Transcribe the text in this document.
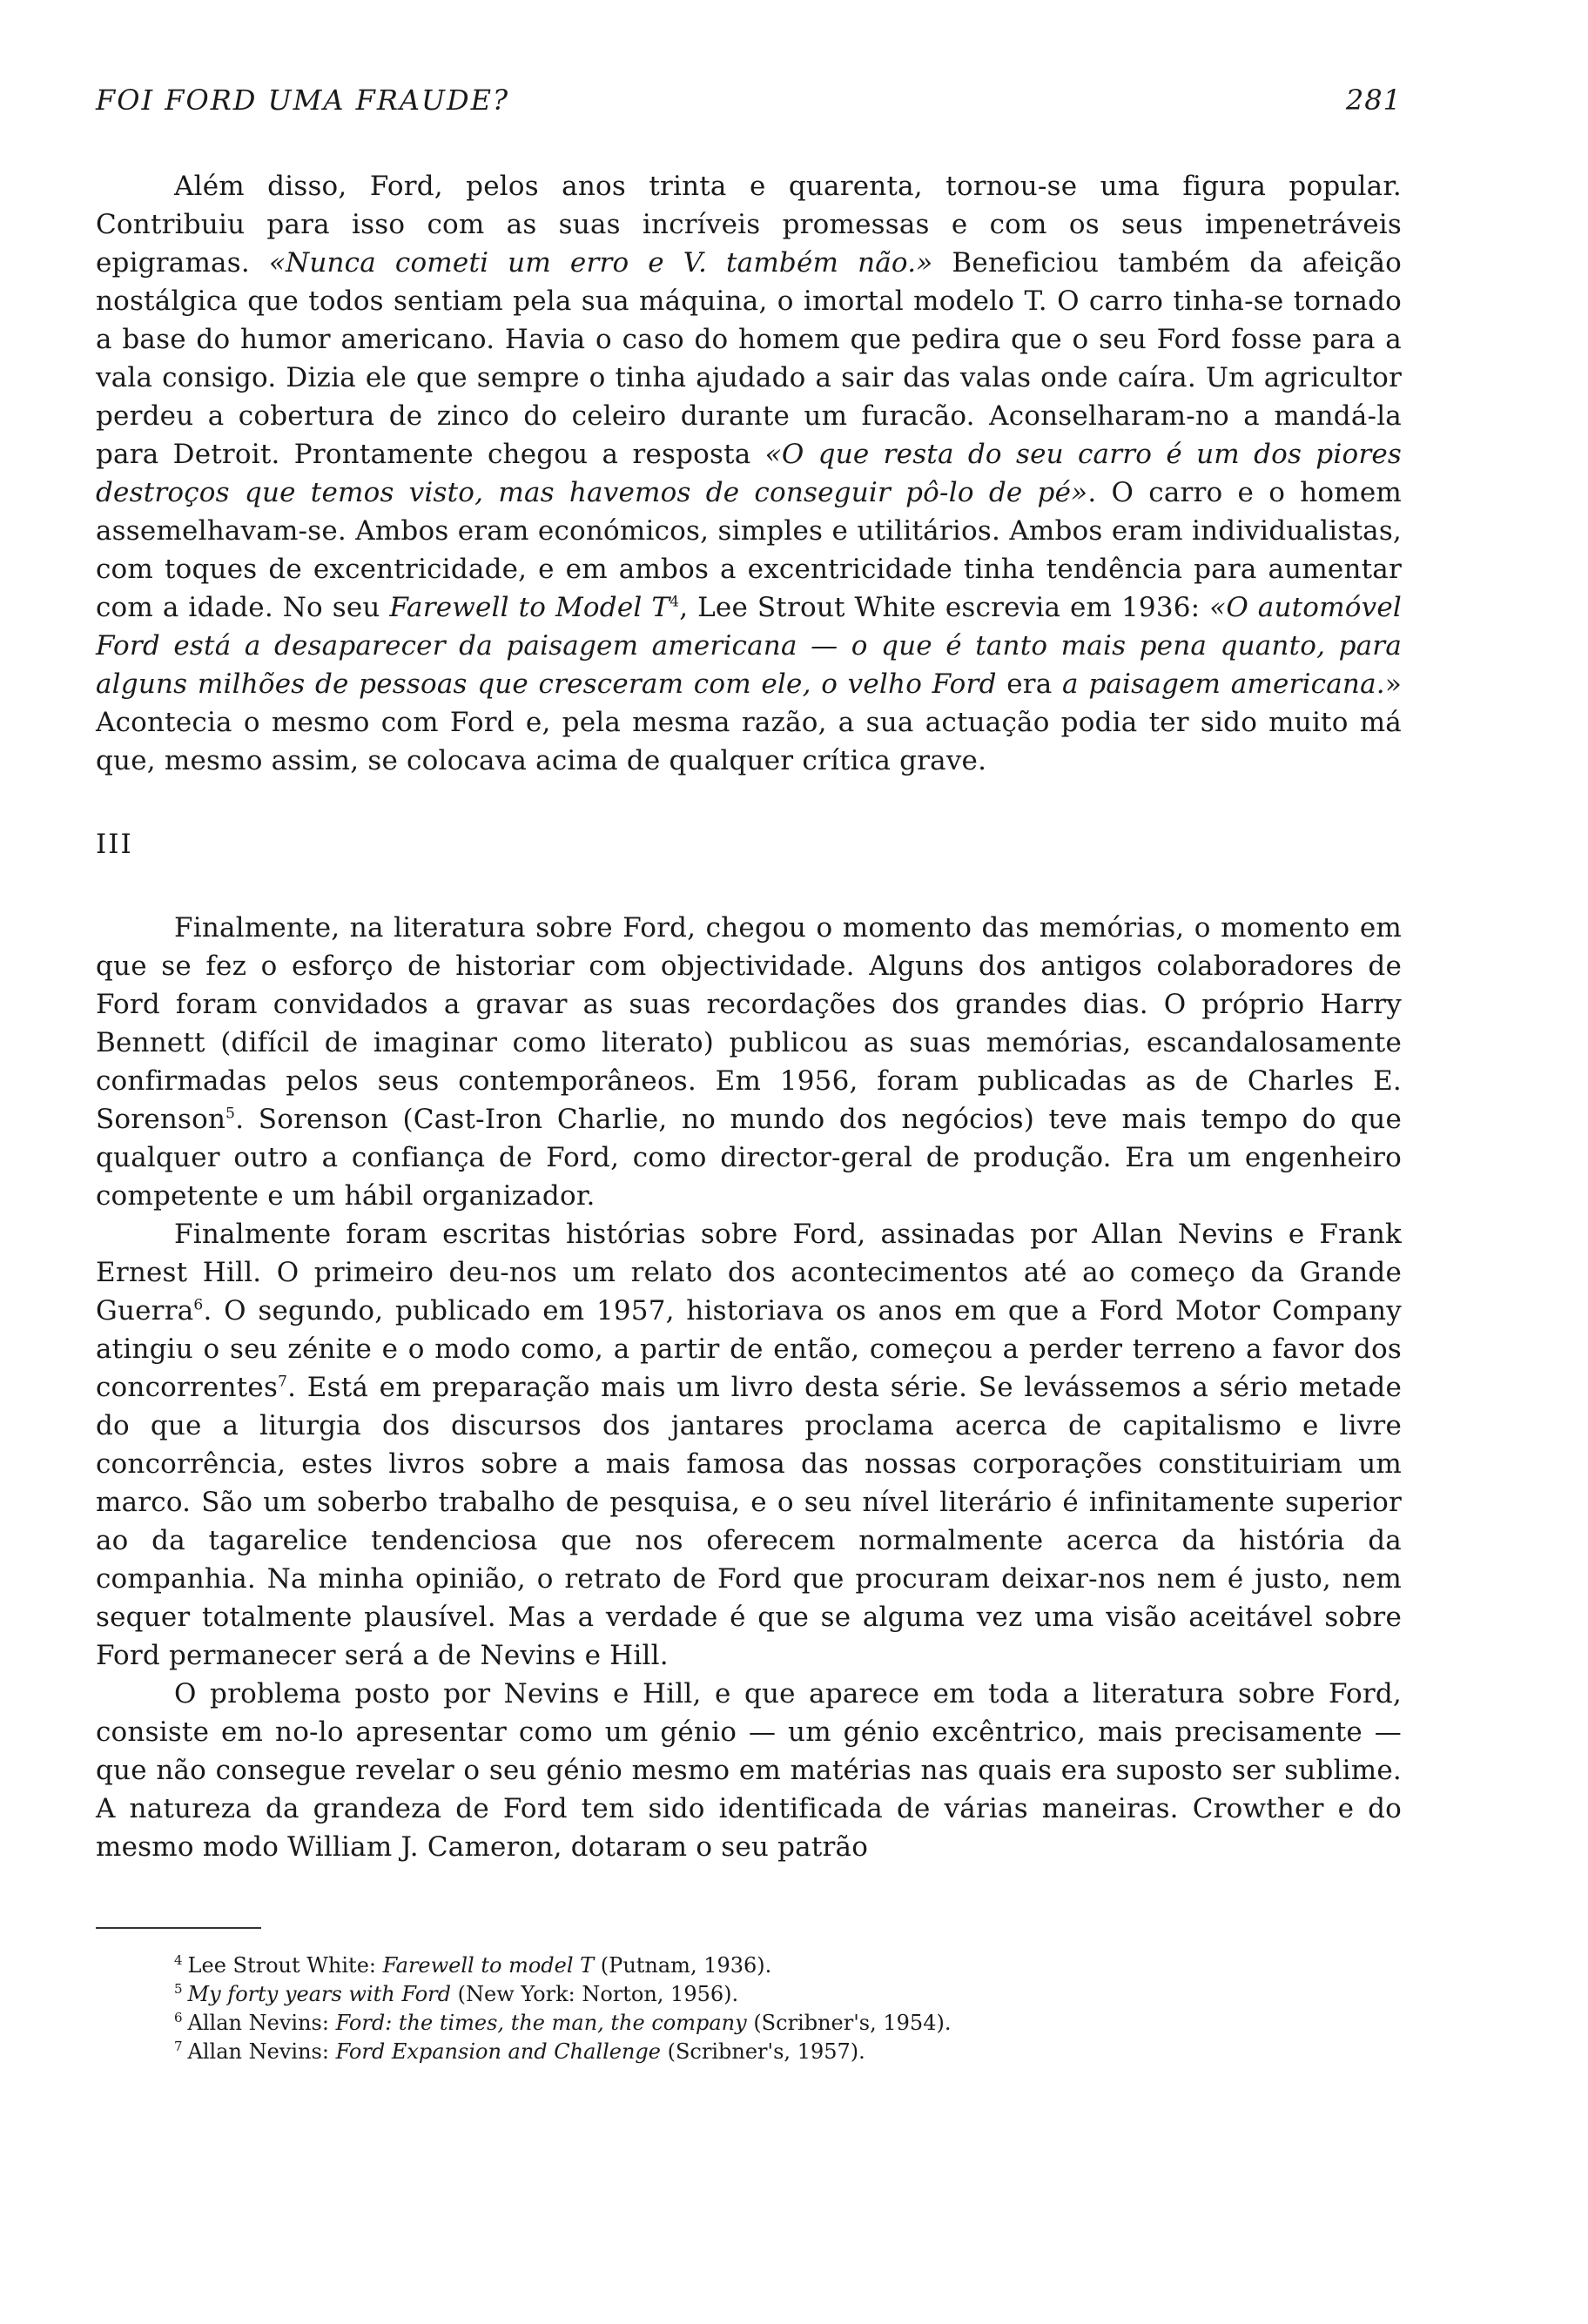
FOI FORD UMA FRAUDE?	281

Além disso, Ford, pelos anos trinta e quarenta, tornou-se uma figura popular. Contribuiu para isso com as suas incríveis promessas e com os seus impenetráveis epigramas. «Nunca cometi um erro e V. também não.» Beneficiou também da afeição nostálgica que todos sentiam pela sua máquina, o imortal modelo T. O carro tinha-se tornado a base do humor americano. Havia o caso do homem que pedira que o seu Ford fosse para a vala consigo. Dizia ele que sempre o tinha ajudado a sair das valas onde caíra. Um agricultor perdeu a cobertura de zinco do celeiro durante um furacão. Aconselharam-no a mandá-la para Detroit. Prontamente chegou a resposta «O que resta do seu carro é um dos piores destroços que temos visto, mas havemos de conseguir pô-lo de pé». O carro e o homem assemelhavam-se. Ambos eram económicos, simples e utilitários. Ambos eram individualistas, com toques de excentricidade, e em ambos a excentricidade tinha tendência para aumentar com a idade. No seu Farewell to Model $T^4$, Lee Strout White escrevia em 1936: «O automóvel Ford está a desaparecer da paisagem americana — o que é tanto mais pena quanto, para alguns milhões de pessoas que cresceram com ele, o velho Ford era a paisagem americana.» Acontecia o mesmo com Ford e, pela mesma razão, a sua actuação podia ter sido muito má que, mesmo assim, se colocava acima de qualquer crítica grave.

III

Finalmente, na literatura sobre Ford, chegou o momento das memórias, o momento em que se fez o esforço de historiar com objectividade. Alguns dos antigos colaboradores de Ford foram convidados a gravar as suas recordações dos grandes dias. O próprio Harry Bennett (difícil de imaginar como literato) publicou as suas memórias, escandalosamente confirmadas pelos seus contemporâneos. Em 1956, foram publicadas as de Charles E. Sorenson$^5$. Sorenson (Cast-Iron Charlie, no mundo dos negócios) teve mais tempo do que qualquer outro a confiança de Ford, como director-geral de produção. Era um engenheiro competente e um hábil organizador.

Finalmente foram escritas histórias sobre Ford, assinadas por Allan Nevins e Frank Ernest Hill. O primeiro deu-nos um relato dos acontecimentos até ao começo da Grande Guerra$^6$. O segundo, publicado em 1957, historiava os anos em que a Ford Motor Company atingiu o seu zénite e o modo como, a partir de então, começou a perder terreno a favor dos concorrentes$^7$. Está em preparação mais um livro desta série. Se levássemos a sério metade do que a liturgia dos discursos dos jantares proclama acerca de capitalismo e livre concorrência, estes livros sobre a mais famosa das nossas corporações constituiriam um marco. São um soberbo trabalho de pesquisa, e o seu nível literário é infinitamente superior ao da tagarelice tendenciosa que nos oferecem normalmente acerca da história da companhia. Na minha opinião, o retrato de Ford que procuram deixar-nos nem é justo, nem sequer totalmente plausível. Mas a verdade é que se alguma vez uma visão aceitável sobre Ford permanecer será a de Nevins e Hill.

O problema posto por Nevins e Hill, e que aparece em toda a literatura sobre Ford, consiste em no-lo apresentar como um génio — um génio excêntrico, mais precisamente — que não consegue revelar o seu génio mesmo em matérias nas quais era suposto ser sublime. A natureza da grandeza de Ford tem sido identificada de várias maneiras. Crowther e do mesmo modo William J. Cameron, dotaram o seu patrão

$^4$ Lee Strout White: Farewell to model T (Putnam, 1936).

$^5$ My forty years with Ford (New York: Norton, 1956).

$^6$ Allan Nevins: Ford: the times, the man, the company (Scribner's, 1954).

$^7$ Allan Nevins: Ford Expansion and Challenge (Scribner's, 1957).
